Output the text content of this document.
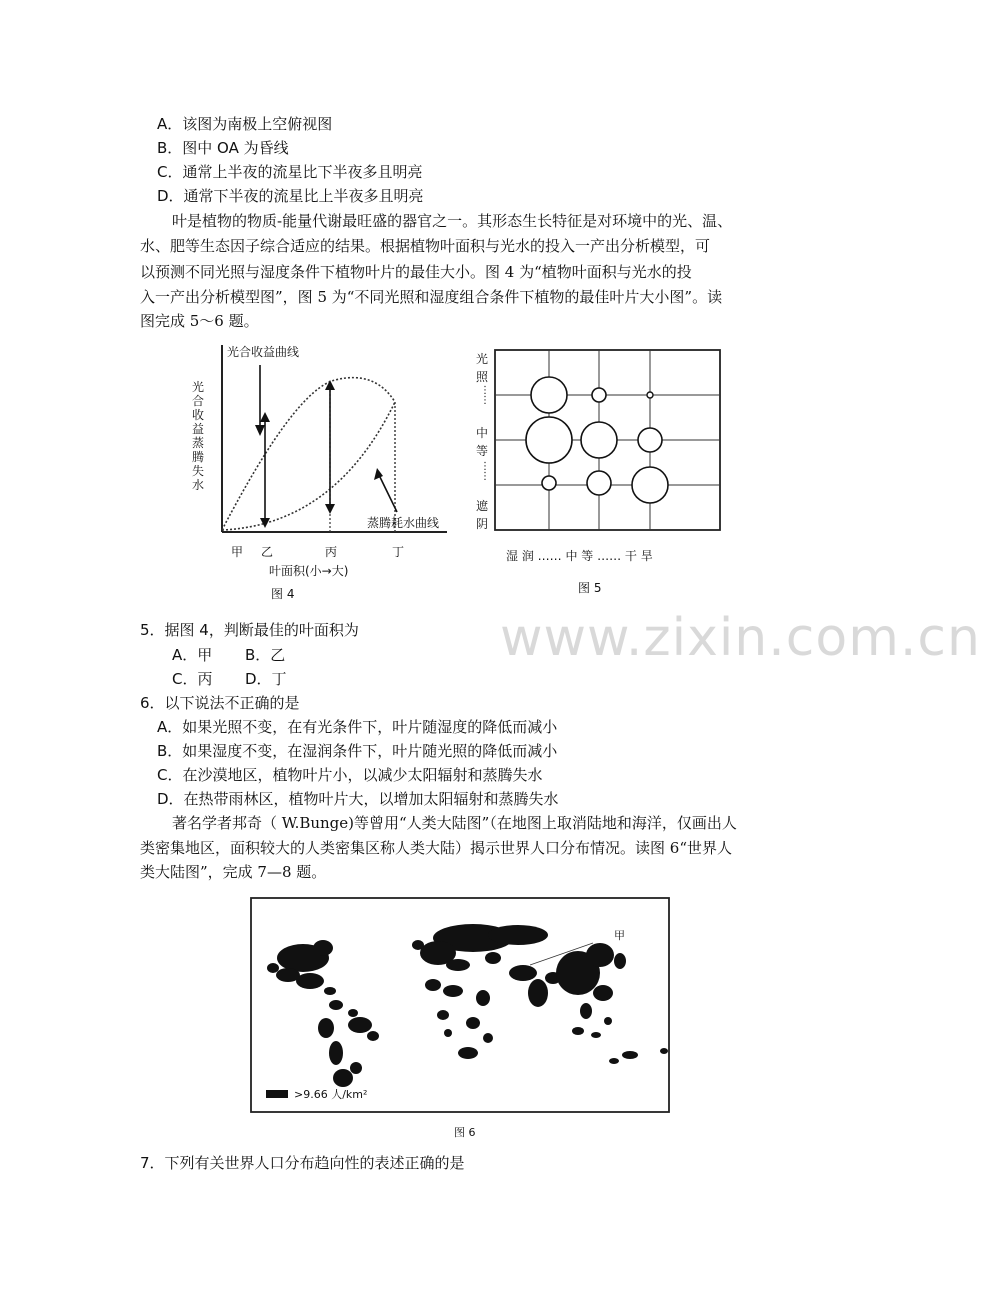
A．该图为南极上空俯视图
B．图中 OA 为昏线
C．通常上半夜的流星比下半夜多且明亮
D．通常下半夜的流星比上半夜多且明亮
叶是植物的物质-能量代谢最旺盛的器官之一。其形态生长特征是对环境中的光、温、
水、肥等生态因子综合适应的结果。根据植物叶面积与光水的投入一产出分析模型，可
以预测不同光照与湿度条件下植物叶片的最佳大小。图 4 为“植物叶面积与光水的投
入一产出分析模型图”，图 5 为“不同光照和湿度组合条件下植物的最佳叶片大小图”。读
图完成 5～6 题。
光合收益曲线
蒸腾耗水曲线
甲 乙	丙	丁
叶面积(小→大)
图 4
光合收益蒸腾失水
湿 润 …… 中 等 …… 干 旱
图 5
光照
⋮
⋮
中等
⋮
⋮
遮阴
www.zixin.com.cn
5．据图 4，判断最佳的叶面积为
A．甲 B．乙
C．丙 D．丁
6．以下说法不正确的是
A．如果光照不变，在有光条件下，叶片随湿度的降低而减小
B．如果湿度不变，在湿润条件下，叶片随光照的降低而减小
C．在沙漠地区，植物叶片小，以减少太阳辐射和蒸腾失水
D．在热带雨林区，植物叶片大，以增加太阳辐射和蒸腾失水
著名学者邦奇（ W.Bunge)等曾用“人类大陆图”（在地图上取消陆地和海洋，仅画出人
类密集地区，面积较大的人类密集区称人类大陆）揭示世界人口分布情况。读图 6“世界人
类大陆图”，完成 7—8 题。
甲
>9.66 人/km²
图 6
7．下列有关世界人口分布趋向性的表述正确的是
